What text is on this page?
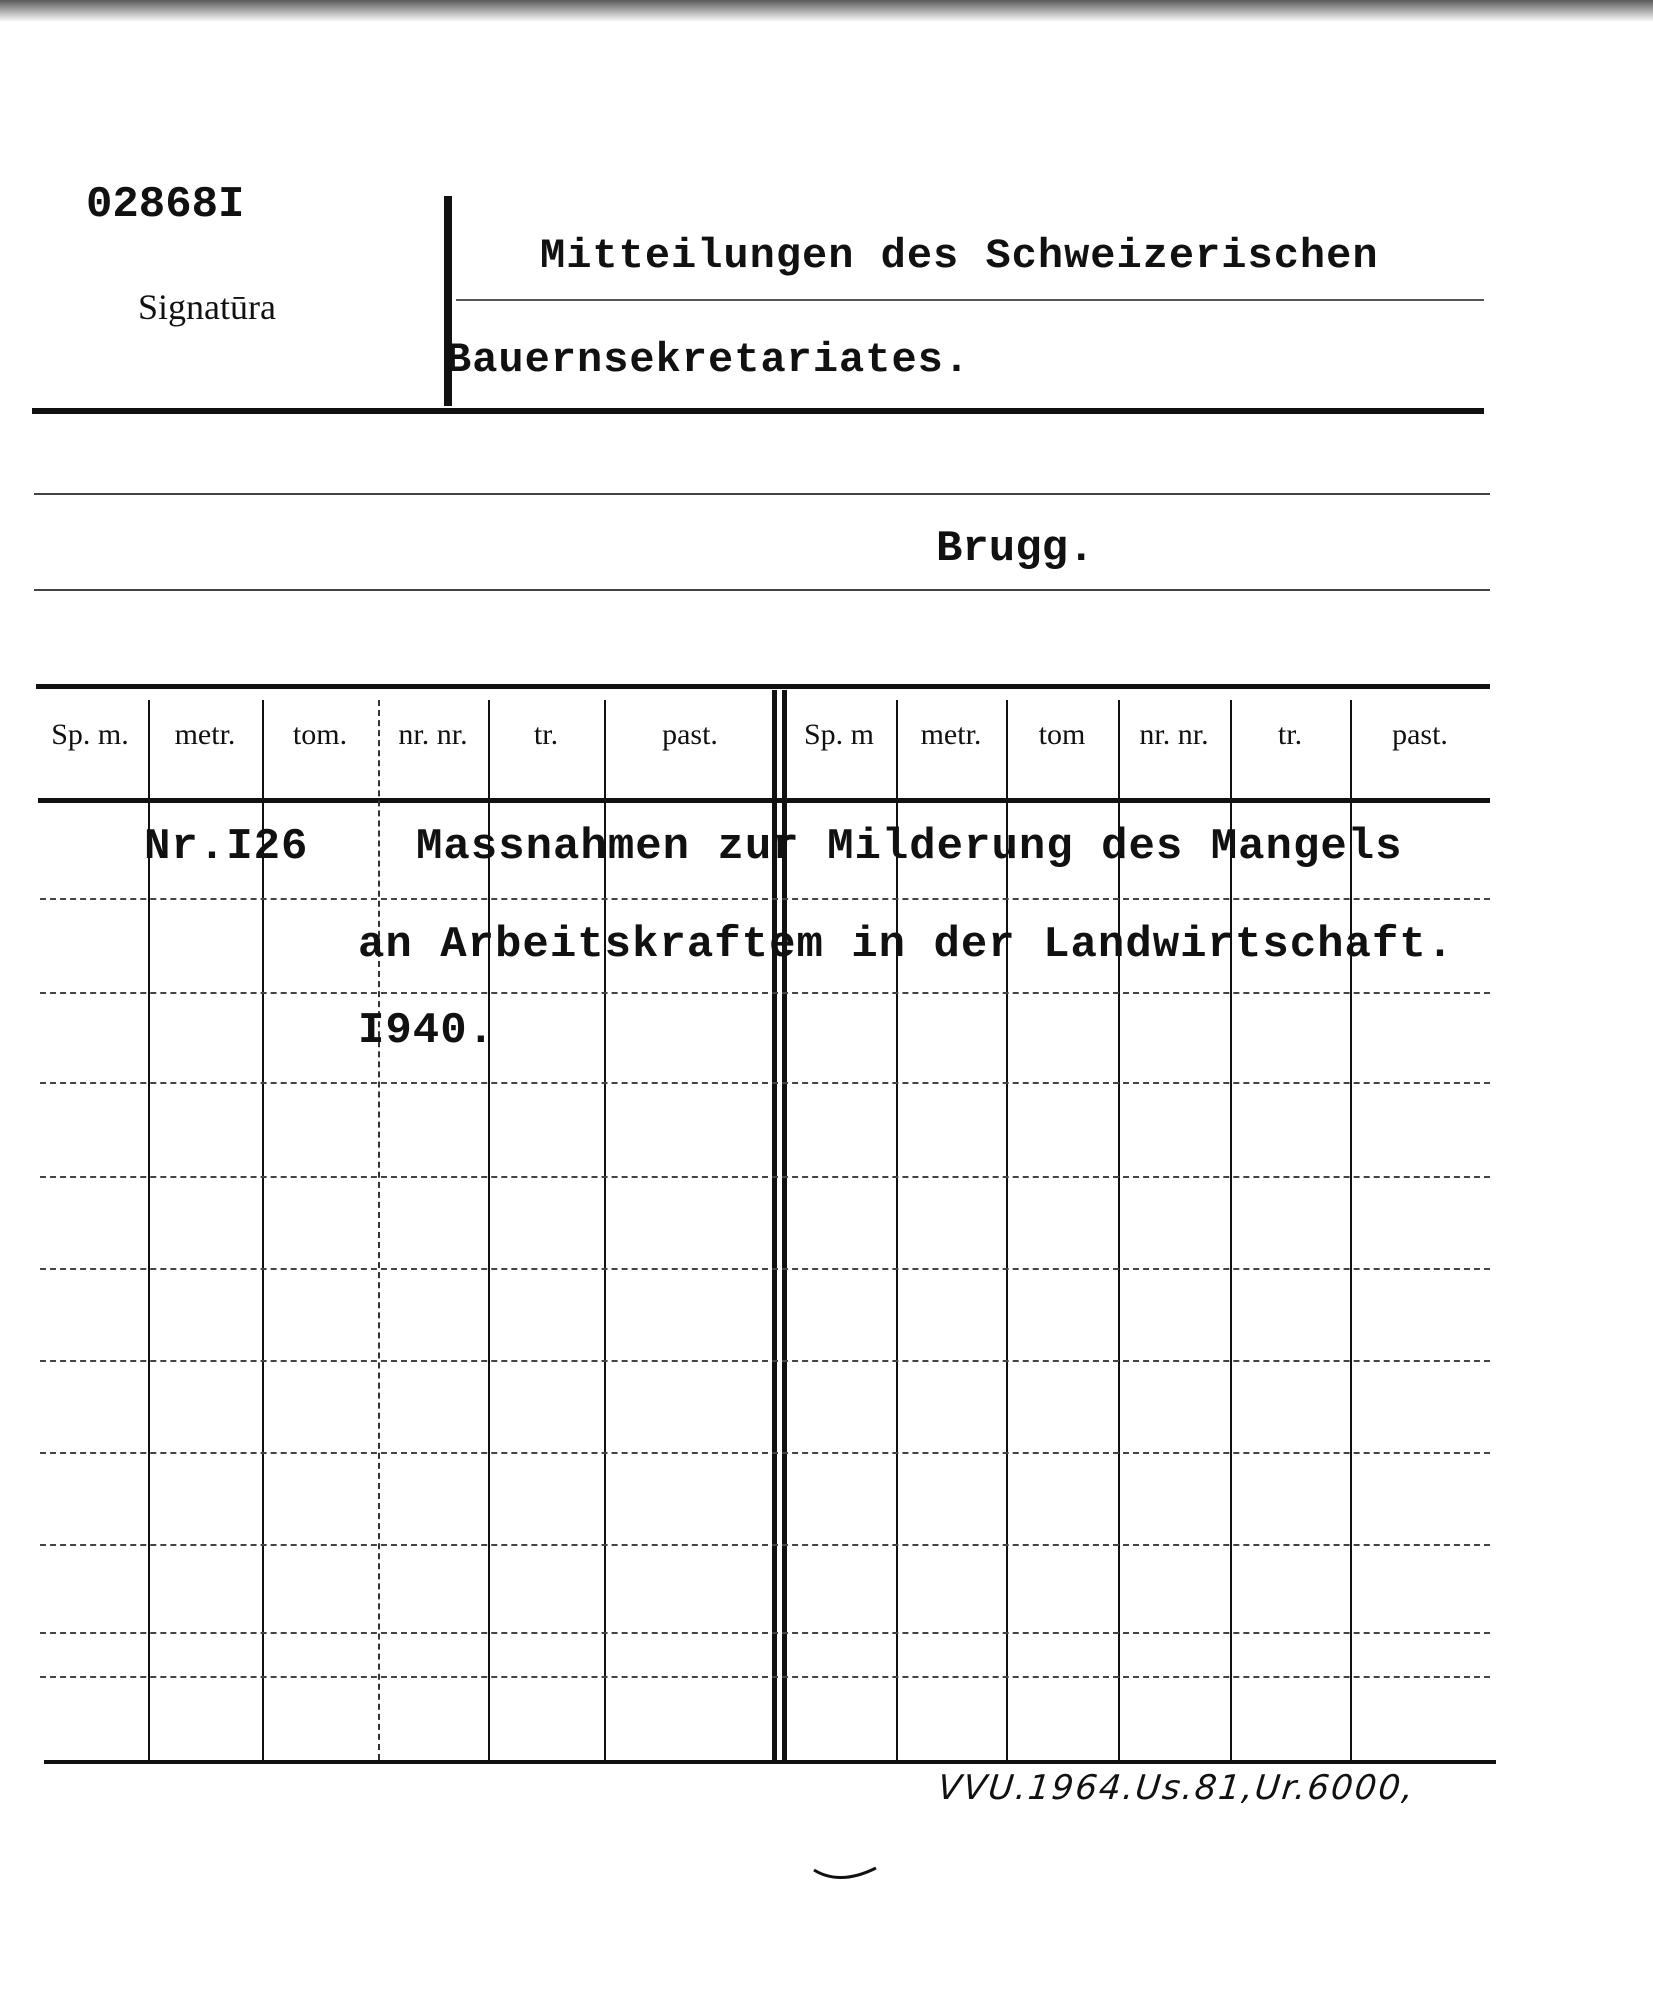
02868I
Signatūra
Mitteilungen des Schweizerischen
Bauernsekretariates.
Brugg.
Sp. m.	metr.	tom.	nr. nr.	tr.	past.	Sp. m	metr.	tom	nr. nr.	tr.	past.
Nr.I26 Massnahmen zur Milderung des Mangels
an Arbeitskraftem in der Landwirtschaft.
I940.
VVU.1964.Us.81,Ur.6000,
